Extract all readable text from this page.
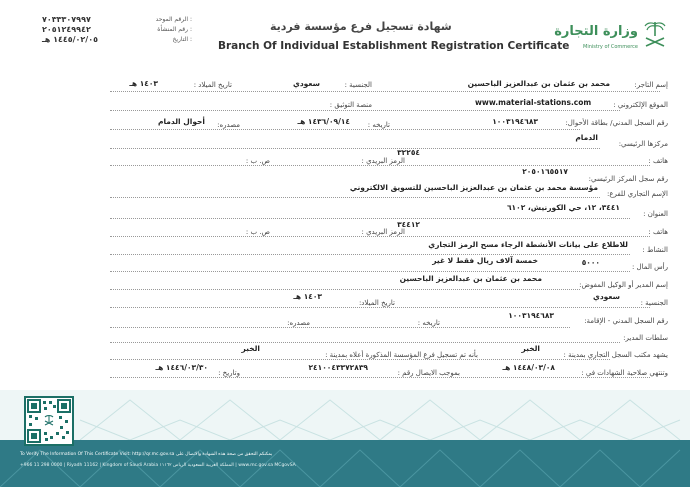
وزارة التجارة
Ministry of Commerce
شهادة تسجيل فرع مؤسسة فردية
Branch Of Individual Establishment Registration Certificate
الرقم الموحد :
٧٠٣٣٣٠٧٩٩٧
رقم المنشأة :
٢٠٥١٢٤٩٩٤٢
التاريخ :
١٤٤٥/٠٢/٠٥ هـ
إسم التاجر:
محمد بن عثمان بن عبدالعزيز الباحسين
الجنسية :
سعودي
تاريخ الميلاد :
١٤٠٣ هـ
الموقع الإلكتروني :
www.material-stations.com
منصة التوثيق :
رقم السجل المدني/ بطاقة الأحوال:
١٠٠٣١٩٤٦٨٣
تاريخه :
١٤٣٦/٠٩/١٤ هـ
مصدره:
أحوال الدمام
مركزها الرئيسي:
الدمام
هاتف :
الرمز البريدي :
٣٢٢٥٤
ص. ب :
رقم سجل المركز الرئيسي:
٢٠٥٠١٦٥٥١٧
الإسم التجاري للفرع:
مؤسسة محمد بن عثمان بن عبدالعزيز الباحسين للتسويق الالكتروني
العنوان :
٣٤٤١، ١٢، حي الكورنيش، ٦١٠٢
هاتف :
الرمز البريدي :
٣٤٤١٢
ص. ب :
النشاط :
للاطلاع على بيانات الأنشطة الرجاء مسح الرمز التجاري
رأس المال :
٥٠٠٠
خمسة آلاف ريال فقط لا غير
إسم المدير أو الوكيل المفوض:
محمد بن عثمان بن عبدالعزيز الباحسين
الجنسية :
سعودي
تاريخ الميلاد:
١٤٠٣ هـ
رقم السجل المدني - الإقامة:
١٠٠٣١٩٤٦٨٣
تاريخه :
مصدره:
سلطات المدير:
يشهد مكتب السجل التجاري بمدينة :
الخبر
بأنه تم تسجيل فرع المؤسسة المذكورة أعلاه بمدينة :
الخبر
وتنتهي صلاحية الشهادات في :
١٤٤٨/٠٣/٠٨ هـ
بموجب الايصال رقم :
٢٤١٠٠٤٣٣٧٢٨٣٩
وتاريخ :
١٤٤٦/٠٣/٣٠ هـ
To Verify The Information Of This Certificate Visit: http://qr.mc.gov.sa يمكنكم التحقق من صحة هذه الشهادة والاتصال على
+966 11 298 0000 | Riyadh 11162 | Kingdom of Saudi Arabia المملكة العربية السعودية الرياض ١١١٦٢ | www.mc.gov.sa MCgovSA
